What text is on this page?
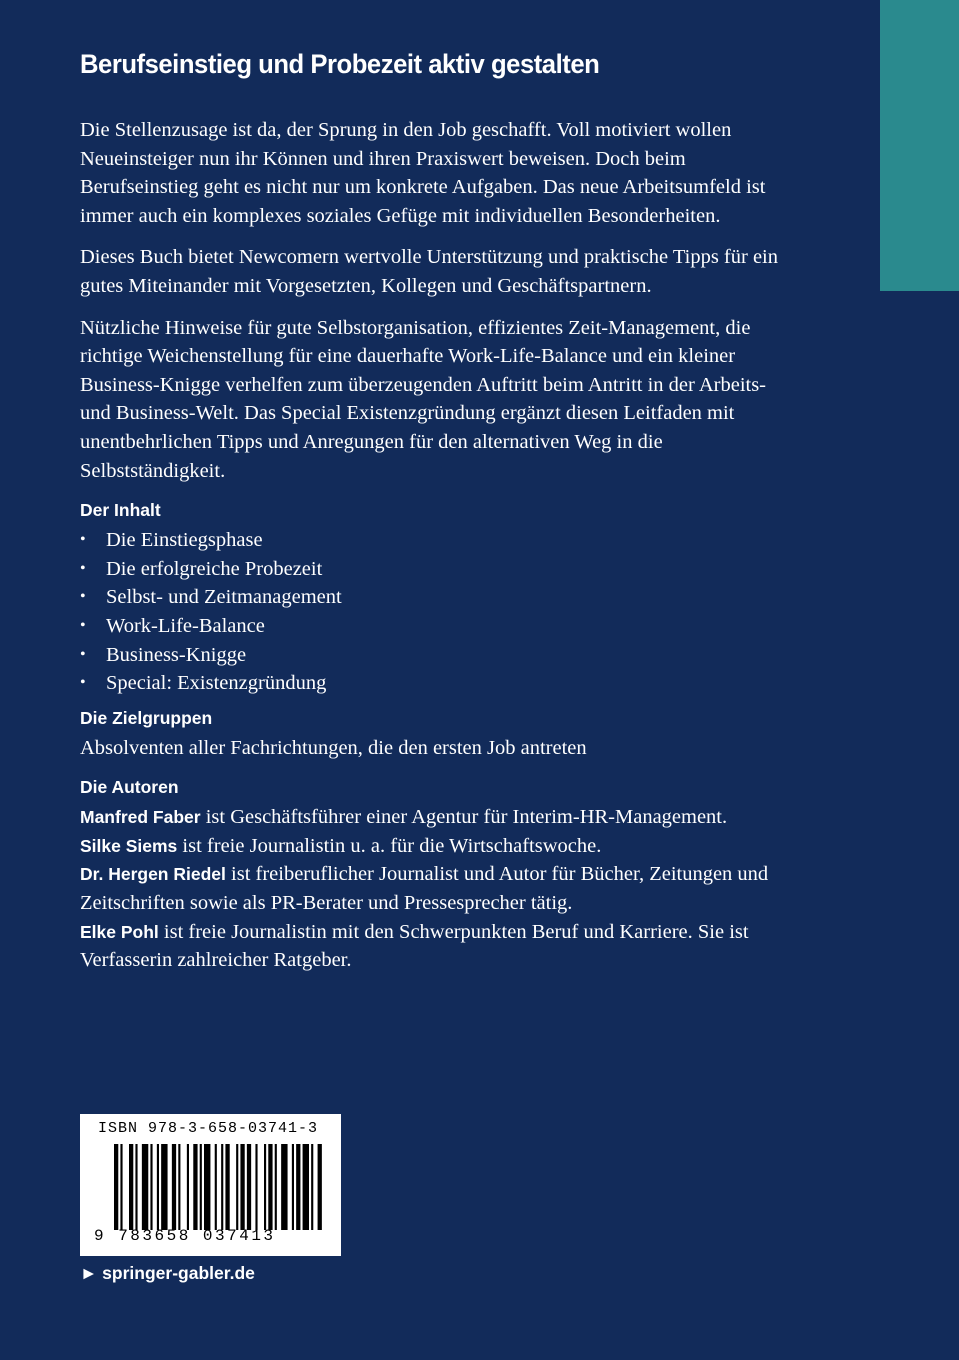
Berufseinstieg und Probezeit aktiv gestalten

Die Stellenzusage ist da, der Sprung in den Job geschafft. Voll motiviert wollen Neueinsteiger nun ihr Können und ihren Praxiswert beweisen. Doch beim Berufseinstieg geht es nicht nur um konkrete Aufgaben. Das neue Arbeitsumfeld ist immer auch ein komplexes soziales Gefüge mit individuellen Besonderheiten.

Dieses Buch bietet Newcomern wertvolle Unterstützung und praktische Tipps für ein gutes Miteinander mit Vorgesetzten, Kollegen und Geschäftspartnern.

Nützliche Hinweise für gute Selbstorganisation, effizientes Zeit-Management, die richtige Weichenstellung für eine dauerhafte Work-Life-Balance und ein kleiner Business-Knigge verhelfen zum überzeugenden Auftritt beim Antritt in der Arbeits- und Business-Welt. Das Special Existenzgründung ergänzt diesen Leitfaden mit unentbehrlichen Tipps und Anregungen für den alternativen Weg in die Selbstständigkeit.

Der Inhalt
• Die Einstiegsphase
• Die erfolgreiche Probezeit
• Selbst- und Zeitmanagement
• Work-Life-Balance
• Business-Knigge
• Special: Existenzgründung
Die Zielgruppen

Absolventen aller Fachrichtungen, die den ersten Job antreten

Die Autoren
Manfred Faber ist Geschäftsführer einer Agentur für Interim-HR-Management.
Silke Siems ist freie Journalistin u. a. für die Wirtschaftswoche.
Dr. Hergen Riedel ist freiberuflicher Journalist und Autor für Bücher, Zeitungen und Zeitschriften sowie als PR-Berater und Pressesprecher tätig.
Elke Pohl ist freie Journalistin mit den Schwerpunkten Beruf und Karriere. Sie ist Verfasserin zahlreicher Ratgeber.
ISBN 978-3-658-03741-3
9 783658 037413
► springer-gabler.de
